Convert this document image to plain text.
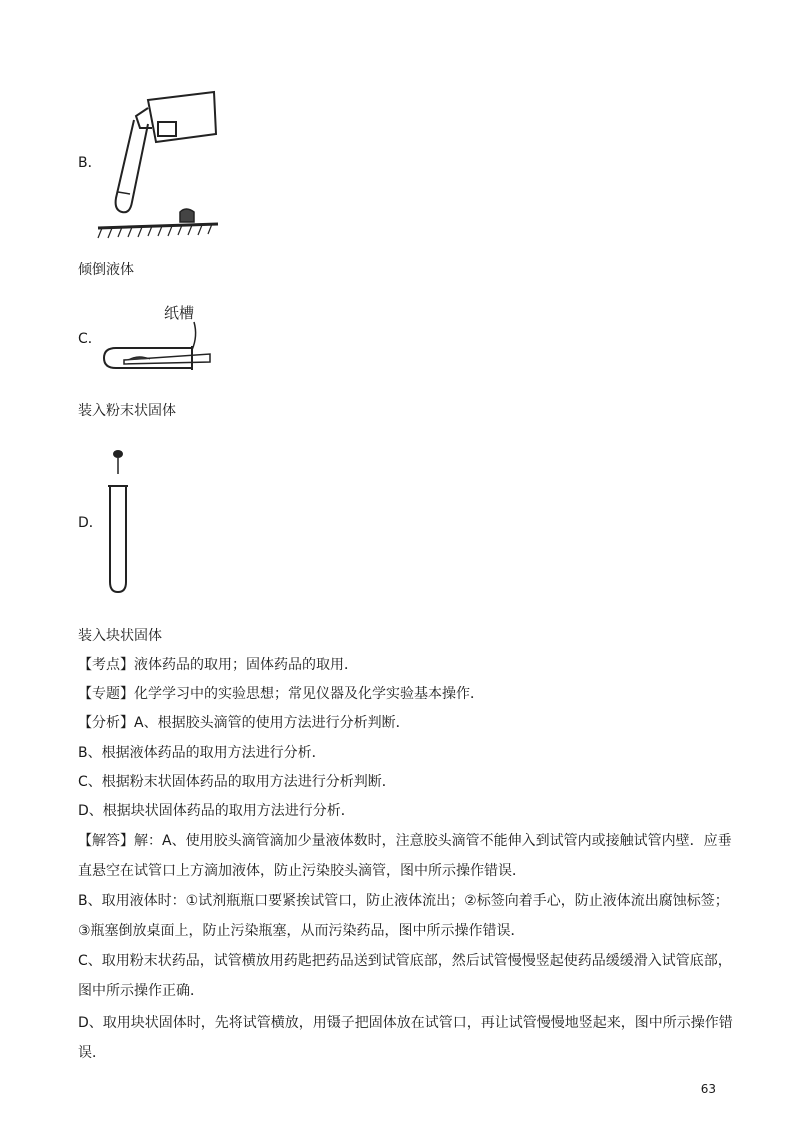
B．
倾倒液体
C．
纸槽
装入粉末状固体
D．
装入块状固体
【考点】液体药品的取用；固体药品的取用．
【专题】化学学习中的实验思想；常见仪器及化学实验基本操作．
【分析】A、根据胶头滴管的使用方法进行分析判断．
B、根据液体药品的取用方法进行分析．
C、根据粉末状固体药品的取用方法进行分析判断．
D、根据块状固体药品的取用方法进行分析．
【解答】解：A、使用胶头滴管滴加少量液体数时，注意胶头滴管不能伸入到试管内或接触试管内壁．应垂直悬空在试管口上方滴加液体，防止污染胶头滴管，图中所示操作错误．
B、取用液体时：①试剂瓶瓶口要紧挨试管口，防止液体流出；②标签向着手心，防止液体流出腐蚀标签；③瓶塞倒放桌面上，防止污染瓶塞，从而污染药品，图中所示操作错误．
C、取用粉末状药品，试管横放用药匙把药品送到试管底部，然后试管慢慢竖起使药品缓缓滑入试管底部，图中所示操作正确．
D、取用块状固体时，先将试管横放，用镊子把固体放在试管口，再让试管慢慢地竖起来，图中所示操作错误．
63
